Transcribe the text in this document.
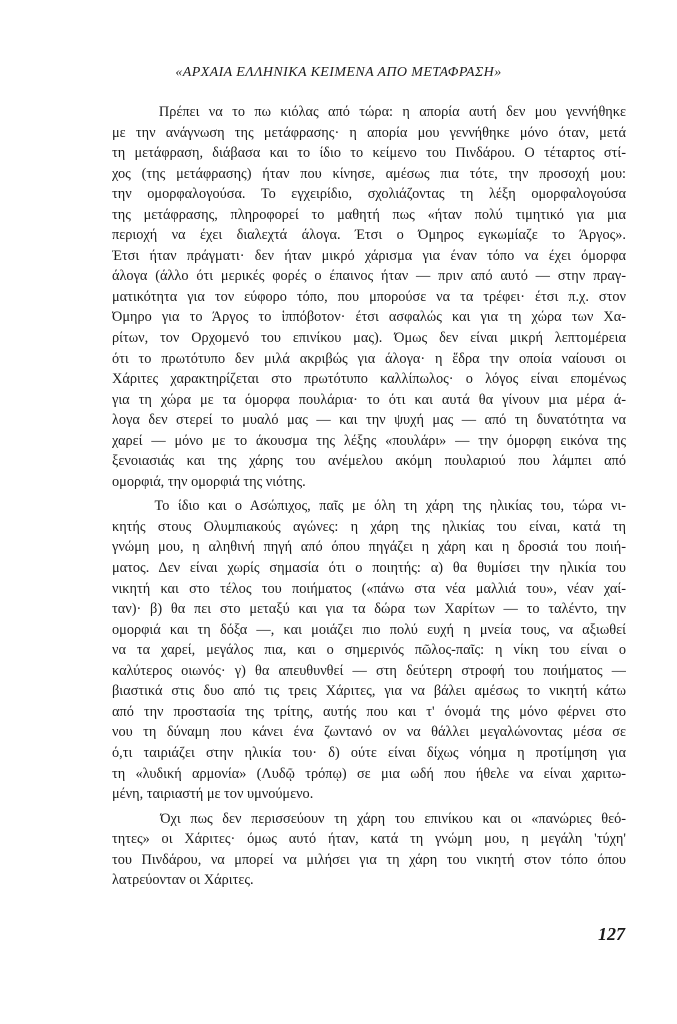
«ΑΡΧΑΙΑ ΕΛΛΗΝΙΚΑ ΚΕΙΜΕΝΑ ΑΠΟ ΜΕΤΑΦΡΑΣΗ»
Πρέπει να το πω κιόλας από τώρα: η απορία αυτή δεν μου γεννήθηκε
με την ανάγνωση της μετάφρασης· η απορία μου γεννήθηκε μόνο όταν, μετά
τη μετάφραση, διάβασα και το ίδιο το κείμενο του Πινδάρου. Ο τέταρτος στί-
χος (της μετάφρασης) ήταν που κίνησε, αμέσως πια τότε, την προσοχή μου:
την ομορφαλογούσα. Το εγχειρίδιο, σχολιάζοντας τη λέξη ομορφαλογούσα
της μετάφρασης, πληροφορεί το μαθητή πως «ήταν πολύ τιμητικό για μια
περιοχή να έχει διαλεχτά άλογα. Έτσι ο Όμηρος εγκωμίαζε το Άργος».
Έτσι ήταν πράγματι· δεν ήταν μικρό χάρισμα για έναν τόπο να έχει όμορφα
άλογα (άλλο ότι μερικές φορές ο έπαινος ήταν — πριν από αυτό — στην πραγ-
ματικότητα για τον εύφορο τόπο, που μπορούσε να τα τρέφει· έτσι π.χ. στον
Όμηρο για το Άργος το ἱππόβοτον· έτσι ασφαλώς και για τη χώρα των Χα-
ρίτων, τον Ορχομενό του επινίκου μας). Όμως δεν είναι μικρή λεπτομέρεια
ότι το πρωτότυπο δεν μιλά ακριβώς για άλογα· η ἕδρα την οποία ναίουσι οι
Χάριτες χαρακτηρίζεται στο πρωτότυπο καλλίπωλος· ο λόγος είναι επομένως
για τη χώρα με τα όμορφα πουλάρια· το ότι και αυτά θα γίνουν μια μέρα ά-
λογα δεν στερεί το μυαλό μας — και την ψυχή μας — από τη δυνατότητα να
χαρεί — μόνο με το άκουσμα της λέξης «πουλάρι» — την όμορφη εικόνα της
ξενοιασιάς και της χάρης του ανέμελου ακόμη πουλαριού που λάμπει από
ομορφιά, την ομορφιά της νιότης.
Το ίδιο και ο Ασώπιχος, παῖς με όλη τη χάρη της ηλικίας του, τώρα νι-
κητής στους Ολυμπιακούς αγώνες: η χάρη της ηλικίας του είναι, κατά τη
γνώμη μου, η αληθινή πηγή από όπου πηγάζει η χάρη και η δροσιά του ποιή-
ματος. Δεν είναι χωρίς σημασία ότι ο ποιητής: α) θα θυμίσει την ηλικία του
νικητή και στο τέλος του ποιήματος («πάνω στα νέα μαλλιά του», νέαν χαί-
ταν)· β) θα πει στο μεταξύ και για τα δώρα των Χαρίτων — το ταλέντο, την
ομορφιά και τη δόξα —, και μοιάζει πιο πολύ ευχή η μνεία τους, να αξιωθεί
να τα χαρεί, μεγάλος πια, και ο σημερινός πῶλος-παῖς: η νίκη του είναι ο
καλύτερος οιωνός· γ) θα απευθυνθεί — στη δεύτερη στροφή του ποιήματος —
βιαστικά στις δυο από τις τρεις Χάριτες, για να βάλει αμέσως το νικητή κάτω
από την προστασία της τρίτης, αυτής που και τ' όνομά της μόνο φέρνει στο
νου τη δύναμη που κάνει ένα ζωντανό ον να θάλλει μεγαλώνοντας μέσα σε
ό,τι ταιριάζει στην ηλικία του· δ) ούτε είναι δίχως νόημα η προτίμηση για
τη «λυδική αρμονία» (Λυδῷ τρόπῳ) σε μια ωδή που ήθελε να είναι χαριτω-
μένη, ταιριαστή με τον υμνούμενο.
Όχι πως δεν περισσεύουν τη χάρη του επινίκου και οι «πανώριες θεό-
τητες» οι Χάριτες· όμως αυτό ήταν, κατά τη γνώμη μου, η μεγάλη 'τύχη'
του Πινδάρου, να μπορεί να μιλήσει για τη χάρη του νικητή στον τόπο όπου
λατρεύονταν οι Χάριτες.
127
